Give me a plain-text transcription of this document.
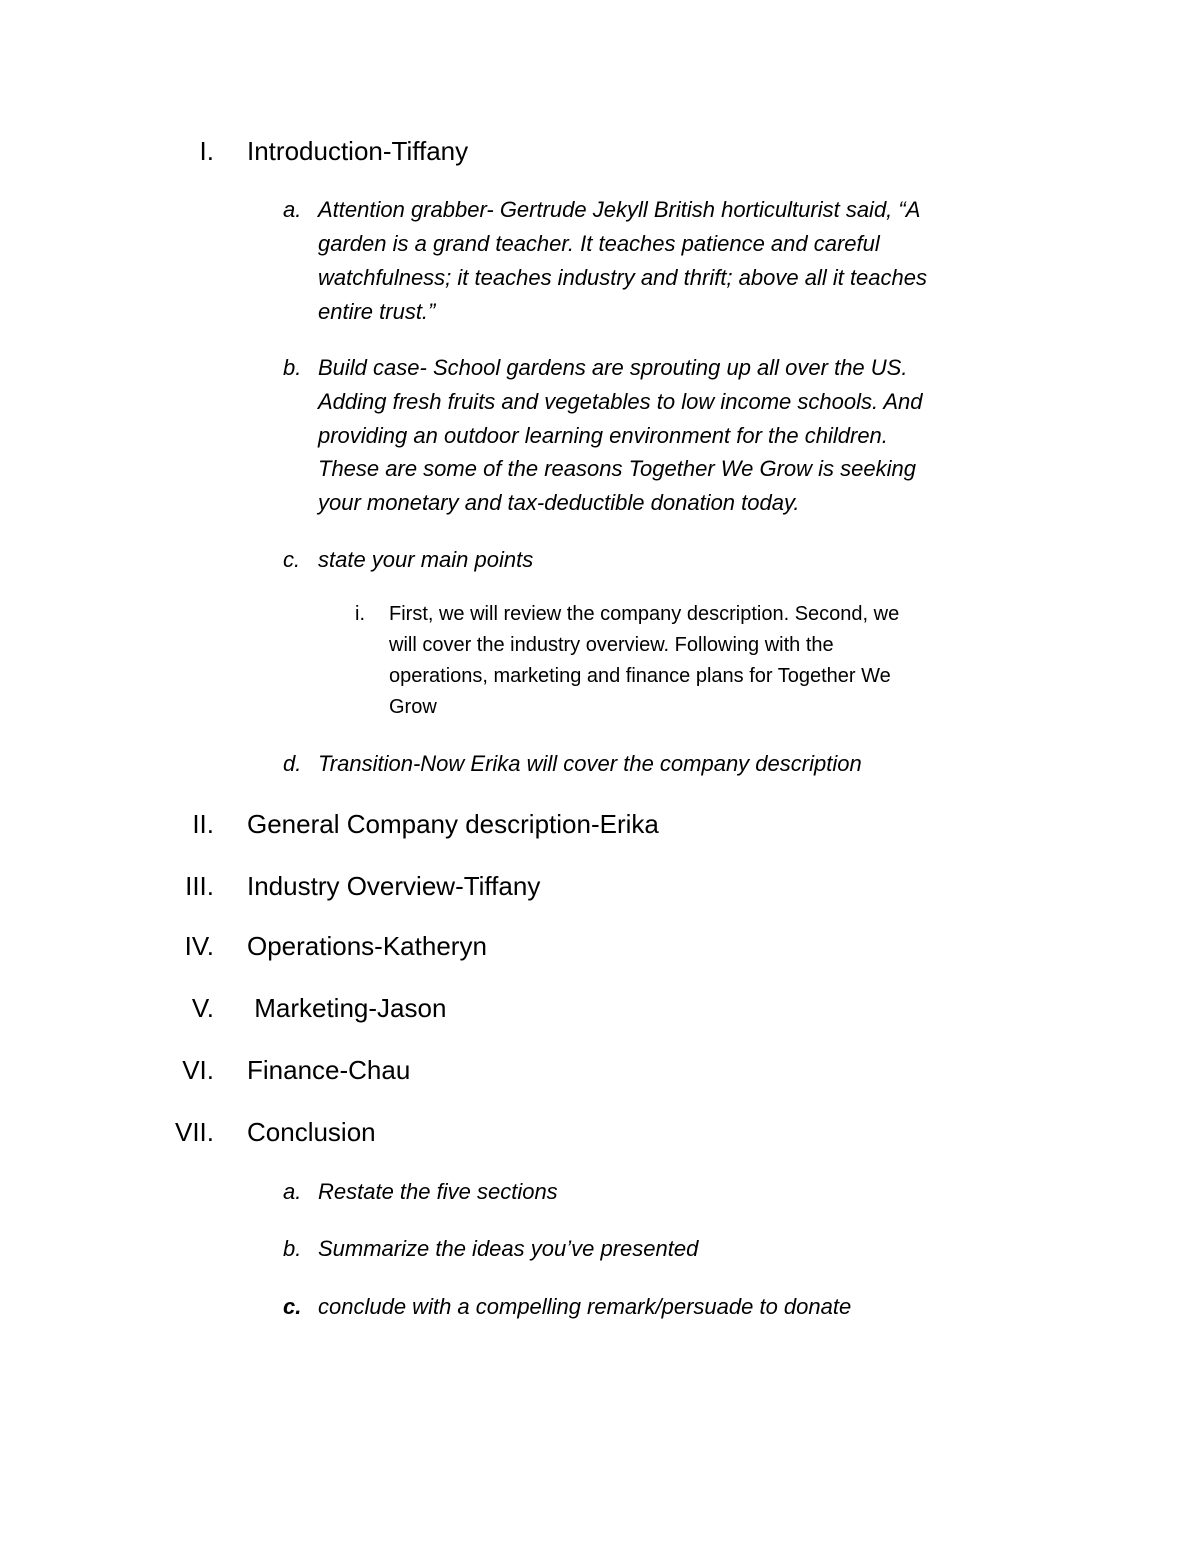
I. Introduction-Tiffany
a. Attention grabber- Gertrude Jekyll British horticulturist said, “A
garden is a grand teacher. It teaches patience and careful
watchfulness; it teaches industry and thrift; above all it teaches
entire trust.”
b. Build case- School gardens are sprouting up all over the US.
Adding fresh fruits and vegetables to low income schools. And
providing an outdoor learning environment for the children.
These are some of the reasons Together We Grow is seeking
your monetary and tax-deductible donation today.
c. state your main points
i. First, we will review the company description. Second, we
will cover the industry overview. Following with the
operations, marketing and finance plans for Together We
Grow
d. Transition-Now Erika will cover the company description
II. General Company description-Erika
III. Industry Overview-Tiffany
IV. Operations-Katheryn
V. Marketing-Jason
VI. Finance-Chau
VII. Conclusion
a. Restate the five sections
b. Summarize the ideas you’ve presented
c. conclude with a compelling remark/persuade to donate
